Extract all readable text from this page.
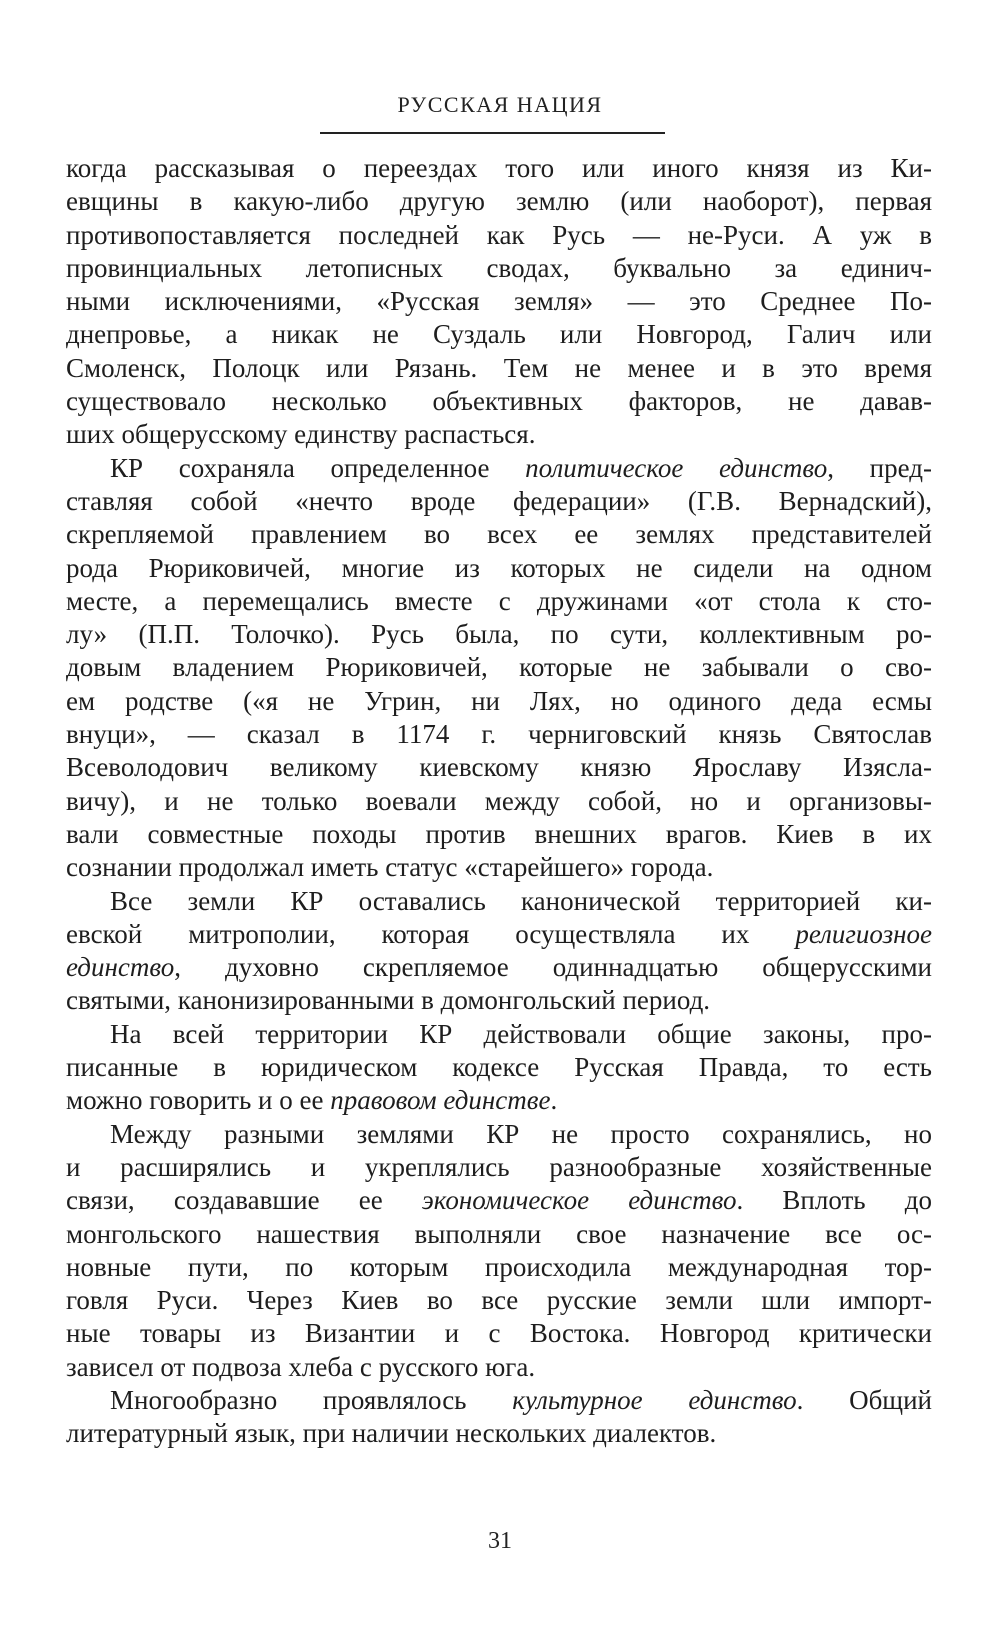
РУССКАЯ НАЦИЯ
когда рассказывая о переездах того или иного князя из Ки-
евщины в какую-либо другую землю (или наоборот), первая
противопоставляется последней как Русь — не-Руси. А уж в
провинциальных летописных сводах, буквально за единич-
ными исключениями, «Русская земля» — это Среднее По-
днепровье, а никак не Суздаль или Новгород, Галич или
Смоленск, Полоцк или Рязань. Тем не менее и в это время
существовало несколько объективных факторов, не давав-
ших общерусскому единству распасться.
КР сохраняла определенное политическое единство, пред-
ставляя собой «нечто вроде федерации» (Г.В. Вернадский),
скрепляемой правлением во всех ее землях представителей
рода Рюриковичей, многие из которых не сидели на одном
месте, а перемещались вместе с дружинами «от стола к сто-
лу» (П.П. Толочко). Русь была, по сути, коллективным ро-
довым владением Рюриковичей, которые не забывали о сво-
ем родстве («я не Угрин, ни Лях, но одиного деда есмы
внуци», — сказал в 1174 г. черниговский князь Святослав
Всеволодович великому киевскому князю Ярославу Изясла-
вичу), и не только воевали между собой, но и организовы-
вали совместные походы против внешних врагов. Киев в их
сознании продолжал иметь статус «старейшего» города.
Все земли КР оставались канонической территорией ки-
евской митрополии, которая осуществляла их религиозное
единство, духовно скрепляемое одиннадцатью общерусскими
святыми, канонизированными в домонгольский период.
На всей территории КР действовали общие законы, про-
писанные в юридическом кодексе Русская Правда, то есть
можно говорить и о ее правовом единстве.
Между разными землями КР не просто сохранялись, но
и расширялись и укреплялись разнообразные хозяйственные
связи, создававшие ее экономическое единство. Вплоть до
монгольского нашествия выполняли свое назначение все ос-
новные пути, по которым происходила международная тор-
говля Руси. Через Киев во все русские земли шли импорт-
ные товары из Византии и с Востока. Новгород критически
зависел от подвоза хлеба с русского юга.
Многообразно проявлялось культурное единство. Общий
литературный язык, при наличии нескольких диалектов.
31
